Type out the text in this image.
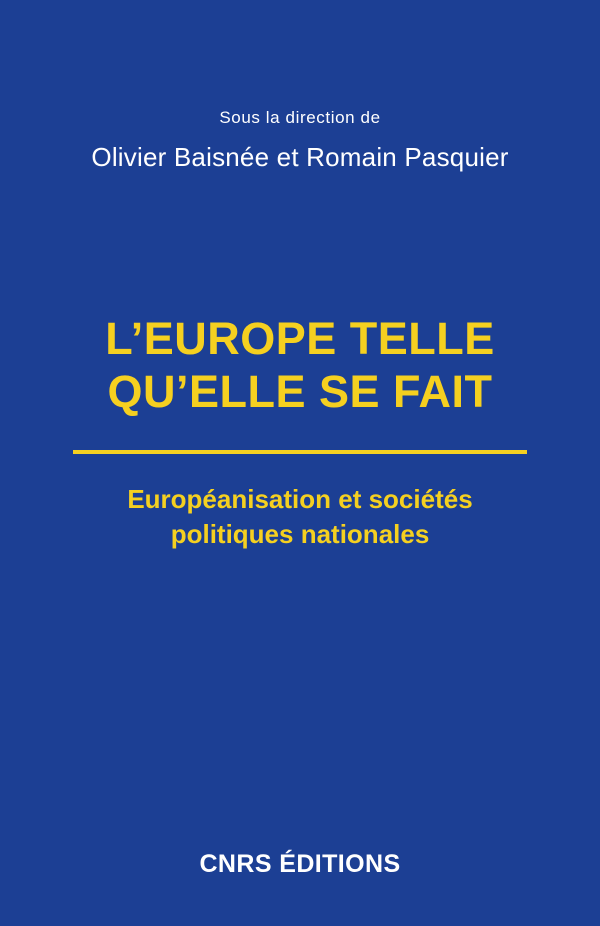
Sous la direction de

Olivier Baisnée et Romain Pasquier

L’EUROPE TELLE
QU’ELLE SE FAIT
Européanisation et sociétés
politiques nationales
CNRS ÉDITIONS
